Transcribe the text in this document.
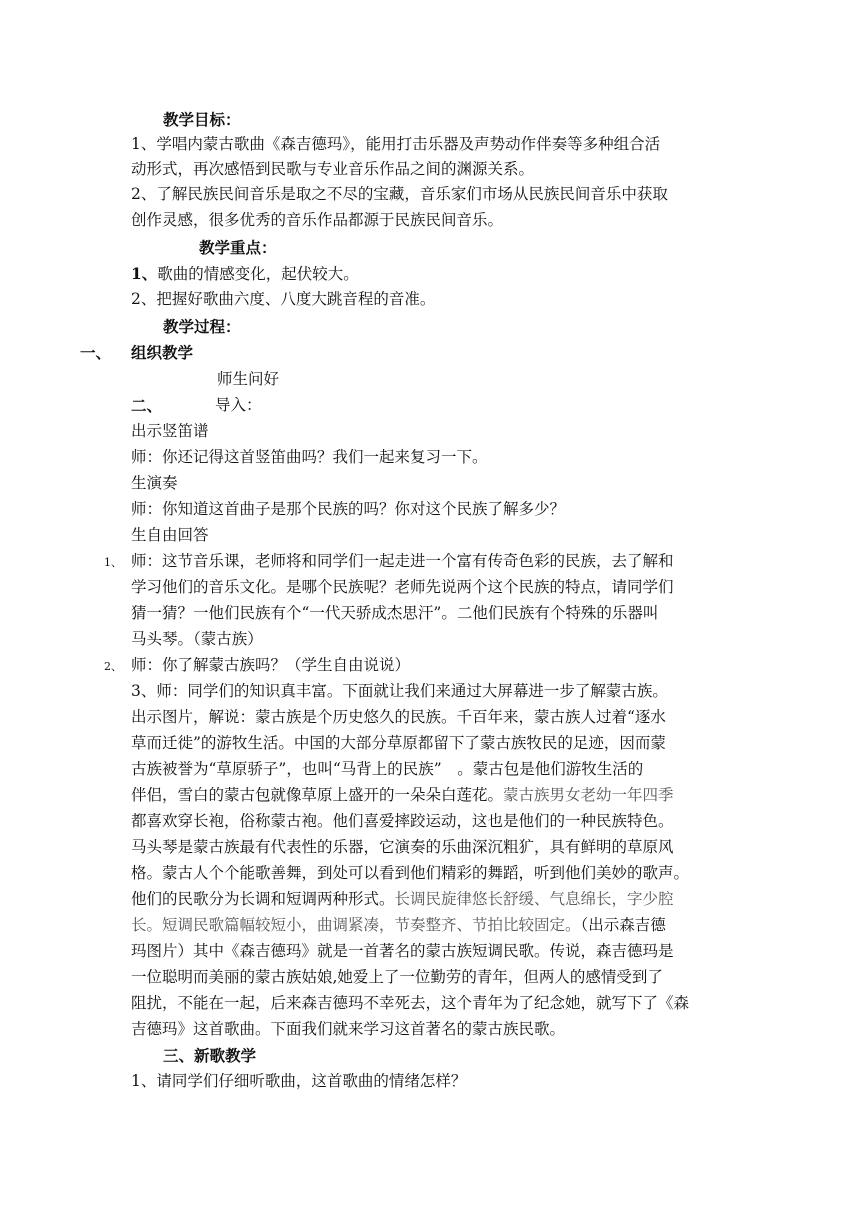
教学目标：
1、学唱内蒙古歌曲《森吉德玛》，能用打击乐器及声势动作伴奏等多种组合活
动形式，再次感悟到民歌与专业音乐作品之间的渊源关系。
2、了解民族民间音乐是取之不尽的宝藏，音乐家们市场从民族民间音乐中获取
创作灵感，很多优秀的音乐作品都源于民族民间音乐。
教学重点：
1、歌曲的情感变化，起伏较大。
2、把握好歌曲六度、八度大跳音程的音准。
教学过程：
一、 组织教学
师生问好
二、	导入：
出示竖笛谱
师：你还记得这首竖笛曲吗？我们一起来复习一下。
生演奏
师：你知道这首曲子是那个民族的吗？你对这个民族了解多少？
生自由回答
1、 师：这节音乐课，老师将和同学们一起走进一个富有传奇色彩的民族，去了解和
学习他们的音乐文化。是哪个民族呢？老师先说两个这个民族的特点，请同学们
猜一猜？一他们民族有个“一代天骄成杰思汗”。二他们民族有个特殊的乐器叫
马头琴。（蒙古族）
2、 师：你了解蒙古族吗？（学生自由说说）
3、师：同学们的知识真丰富。下面就让我们来通过大屏幕进一步了解蒙古族。
出示图片，解说：蒙古族是个历史悠久的民族。千百年来，蒙古族人过着“逐水
草而迁徙”的游牧生活。中国的大部分草原都留下了蒙古族牧民的足迹，因而蒙
古族被誉为“草原骄子”，也叫“马背上的民族”　。蒙古包是他们游牧生活的
伴侣，雪白的蒙古包就像草原上盛开的一朵朵白莲花。蒙古族男女老幼一年四季
都喜欢穿长袍，俗称蒙古袍。他们喜爱摔跤运动，这也是他们的一种民族特色。
马头琴是蒙古族最有代表性的乐器，它演奏的乐曲深沉粗犷，具有鲜明的草原风
格。蒙古人个个能歌善舞，到处可以看到他们精彩的舞蹈，听到他们美妙的歌声。
他们的民歌分为长调和短调两种形式。长调民旋律悠长舒缓、气息绵长，字少腔
长。短调民歌篇幅较短小，曲调紧凑，节奏整齐、节拍比较固定。（出示森吉德
玛图片）其中《森吉德玛》就是一首著名的蒙古族短调民歌。传说，森吉德玛是
一位聪明而美丽的蒙古族姑娘,她爱上了一位勤劳的青年，但两人的感情受到了
阻扰，不能在一起，后来森吉德玛不幸死去，这个青年为了纪念她，就写下了《森
吉德玛》这首歌曲。下面我们就来学习这首著名的蒙古族民歌。
三、新歌教学
1、请同学们仔细听歌曲，这首歌曲的情绪怎样？
